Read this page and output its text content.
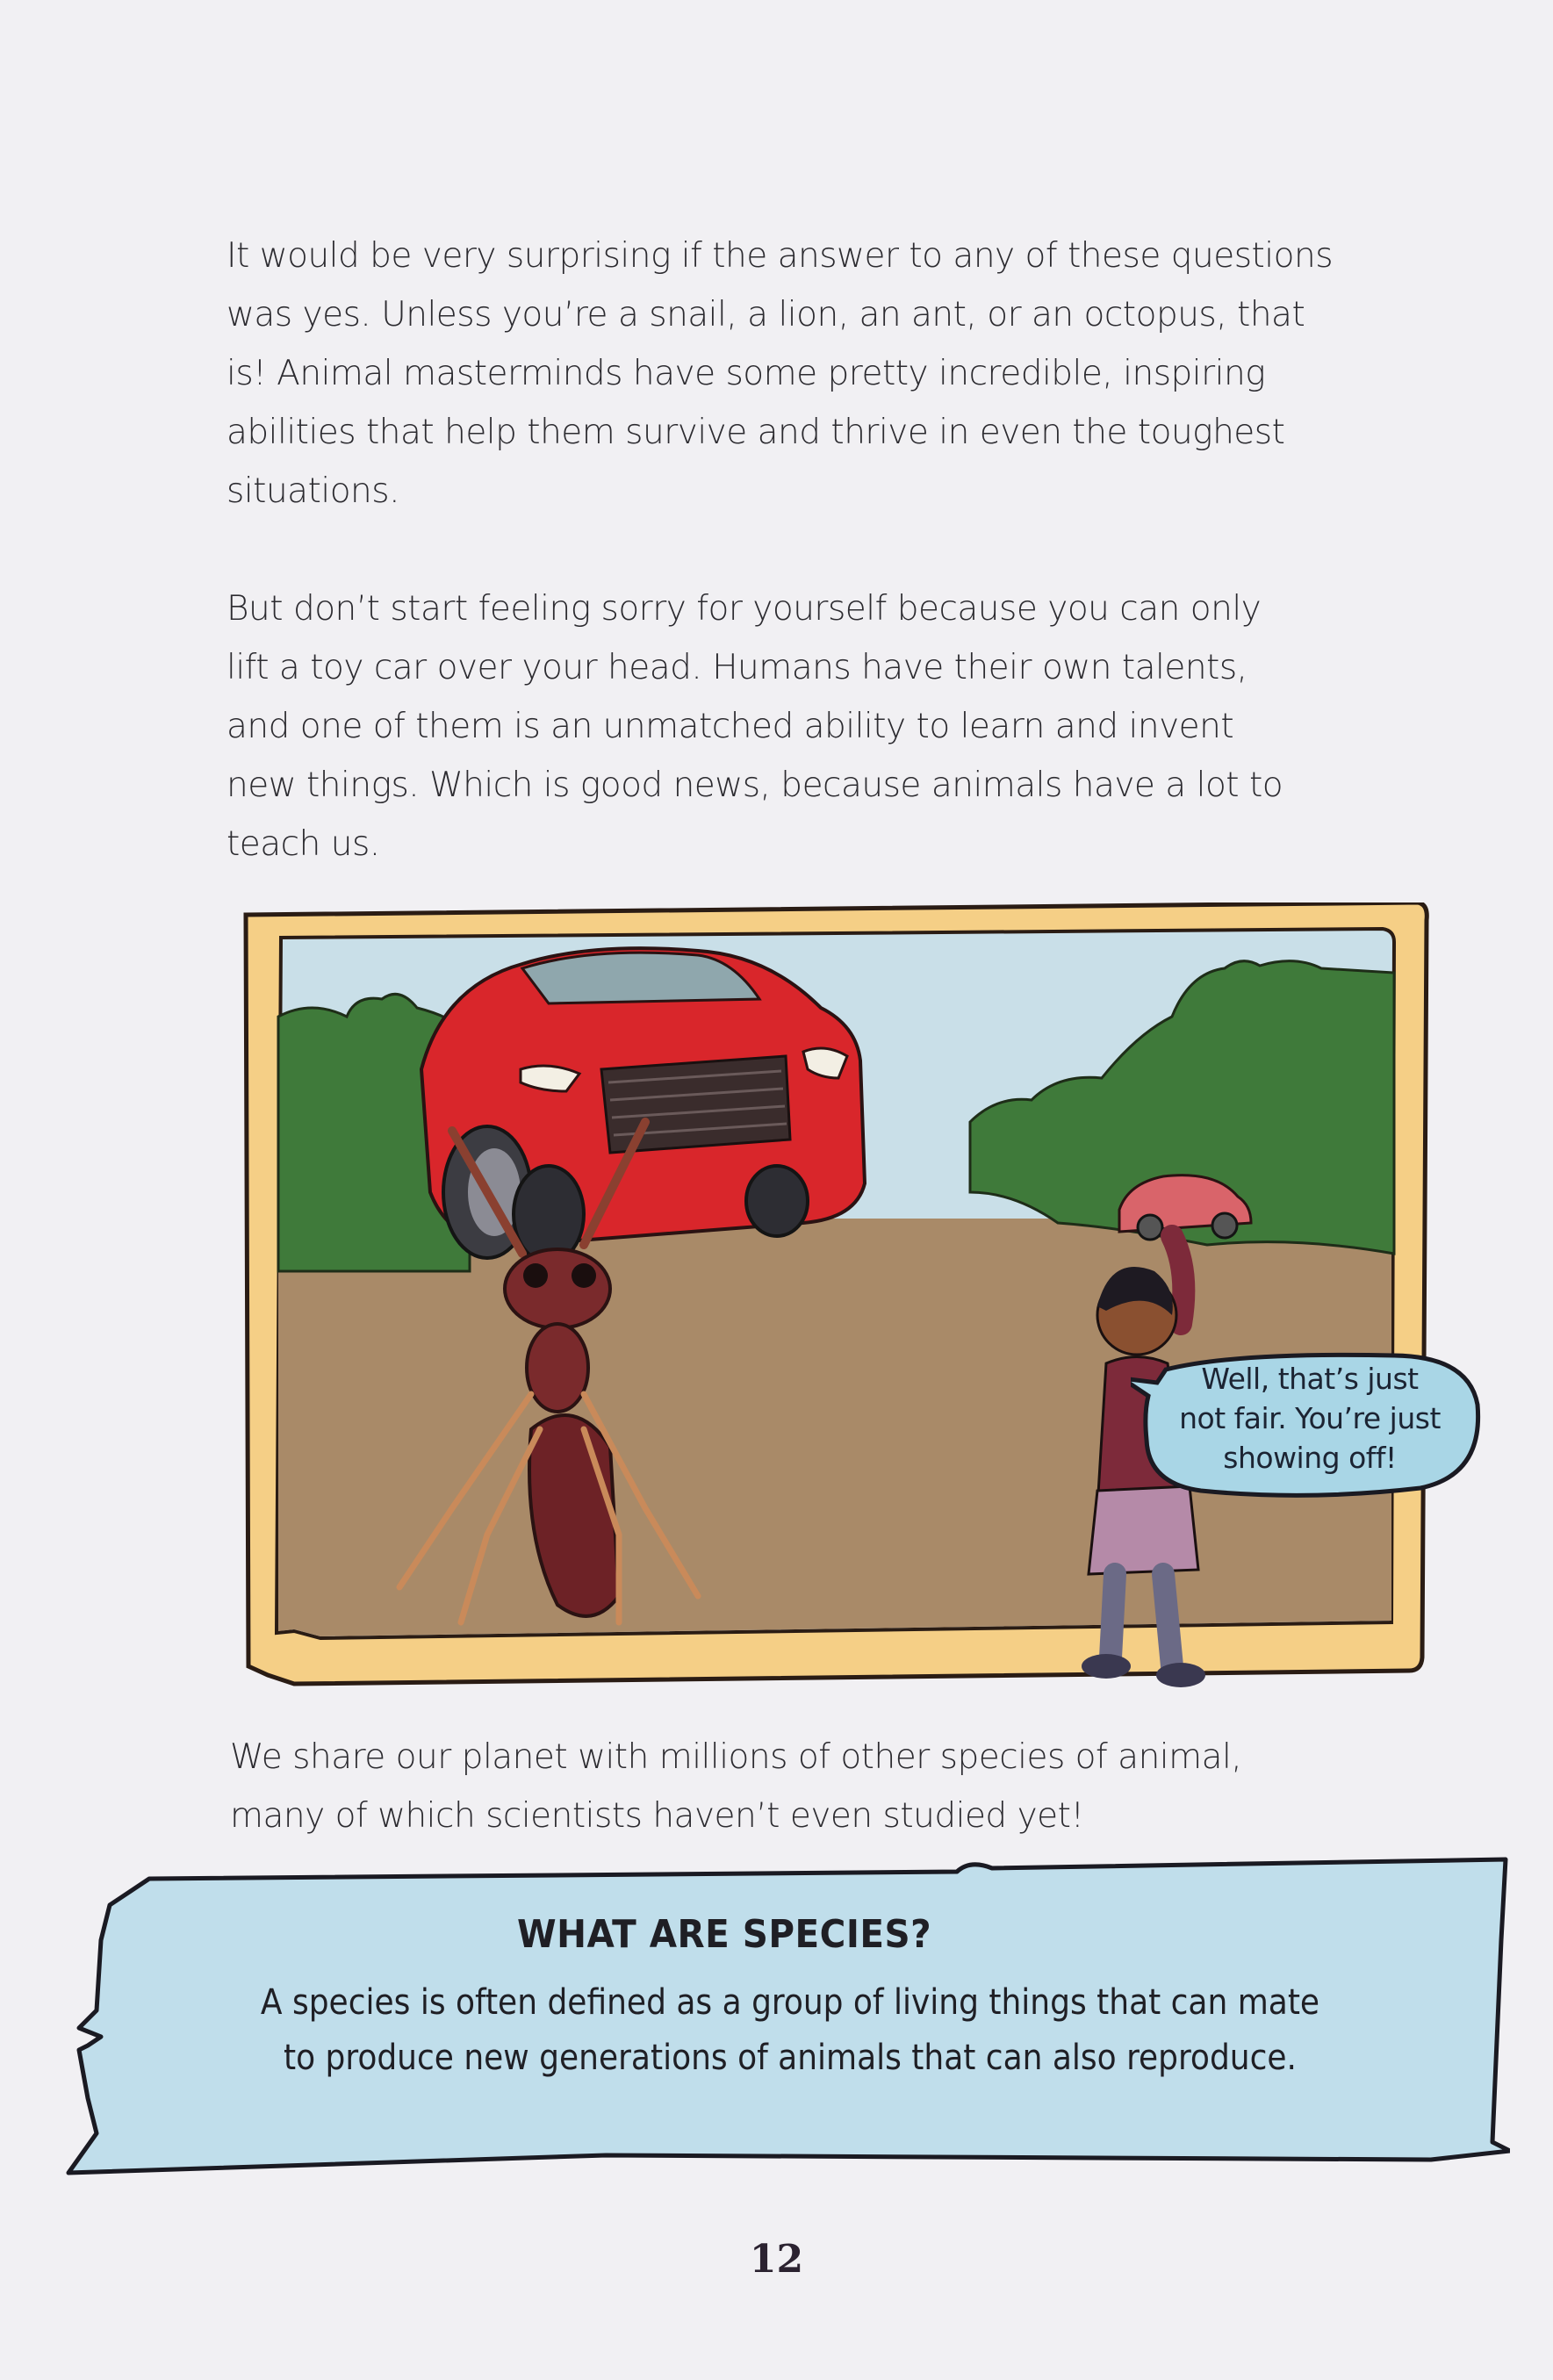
It would be very surprising if the answer to any of these questions
was yes. Unless you’re a snail, a lion, an ant, or an octopus, that
is! Animal masterminds have some pretty incredible, inspiring
abilities that help them survive and thrive in even the toughest
situations.
But don’t start feeling sorry for yourself because you can only
lift a toy car over your head. Humans have their own talents,
and one of them is an unmatched ability to learn and invent
new things. Which is good news, because animals have a lot to
teach us.
Well, that’s just
not fair. You’re just
showing off!
We share our planet with millions of other species of animal,
many of which scientists haven’t even studied yet!
WHAT ARE SPECIES?
A species is often defined as a group of living things that can mate
to produce new generations of animals that can also reproduce.
12
